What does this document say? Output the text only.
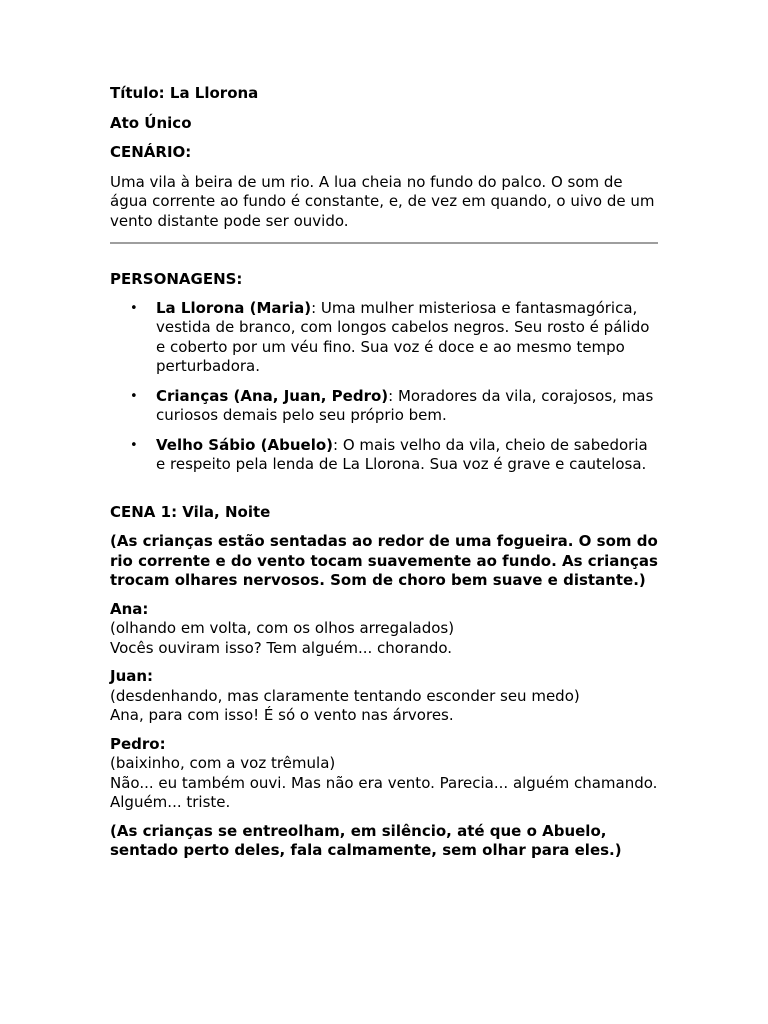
Título: La Llorona

Ato Único

CENÁRIO:

Uma vila à beira de um rio. A lua cheia no fundo do palco. O som de água corrente ao fundo é constante, e, de vez em quando, o uivo de um vento distante pode ser ouvido.

PERSONAGENS:

• La Llorona (Maria): Uma mulher misteriosa e fantasmagórica, vestida de branco, com longos cabelos negros. Seu rosto é pálido e coberto por um véu fino. Sua voz é doce e ao mesmo tempo perturbadora.
• Crianças (Ana, Juan, Pedro): Moradores da vila, corajosos, mas curiosos demais pelo seu próprio bem.
• Velho Sábio (Abuelo): O mais velho da vila, cheio de sabedoria e respeito pela lenda de La Llorona. Sua voz é grave e cautelosa.

CENA 1: Vila, Noite

(As crianças estão sentadas ao redor de uma fogueira. O som do rio corrente e do vento tocam suavemente ao fundo. As crianças trocam olhares nervosos. Som de choro bem suave e distante.)

Ana:
(olhando em volta, com os olhos arregalados)
Vocês ouviram isso? Tem alguém... chorando.
Juan:
(desdenhando, mas claramente tentando esconder seu medo)
Ana, para com isso! É só o vento nas árvores.
Pedro:
(baixinho, com a voz trêmula)
Não... eu também ouvi. Mas não era vento. Parecia... alguém chamando. Alguém... triste.

(As crianças se entreolham, em silêncio, até que o Abuelo, sentado perto deles, fala calmamente, sem olhar para eles.)
